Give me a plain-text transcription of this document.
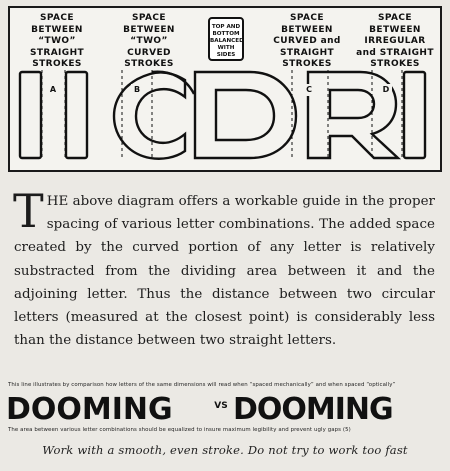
SPACE BETWEEN “TWO” STRAIGHT STROKES
SPACE BETWEEN “TWO” CURVED STROKES
TOP AND BOTTOM BALANCED WITH SIDES
SPACE BETWEEN CURVED and STRAIGHT STROKES
SPACE BETWEEN IRREGULAR and STRAIGHT STROKES
A	B	C	D
THE above diagram offers a workable guide in the proper spacing of various letter combinations. The added space created by the curved portion of any letter is relatively substracted from the dividing area between it and the adjoining letter. Thus the distance between two circular letters (measured at the closest point) is considerably less than the distance between two straight letters.
This line illustrates by comparison how letters of the same dimensions will read when “spaced mechanically” and when spaced “optically”
DOOMING	VS DOOMING
The area between various letter combinations should be equalized to insure maximum legibility and prevent ugly gaps (5)
Work with a smooth, even stroke. Do not try to work too fast
